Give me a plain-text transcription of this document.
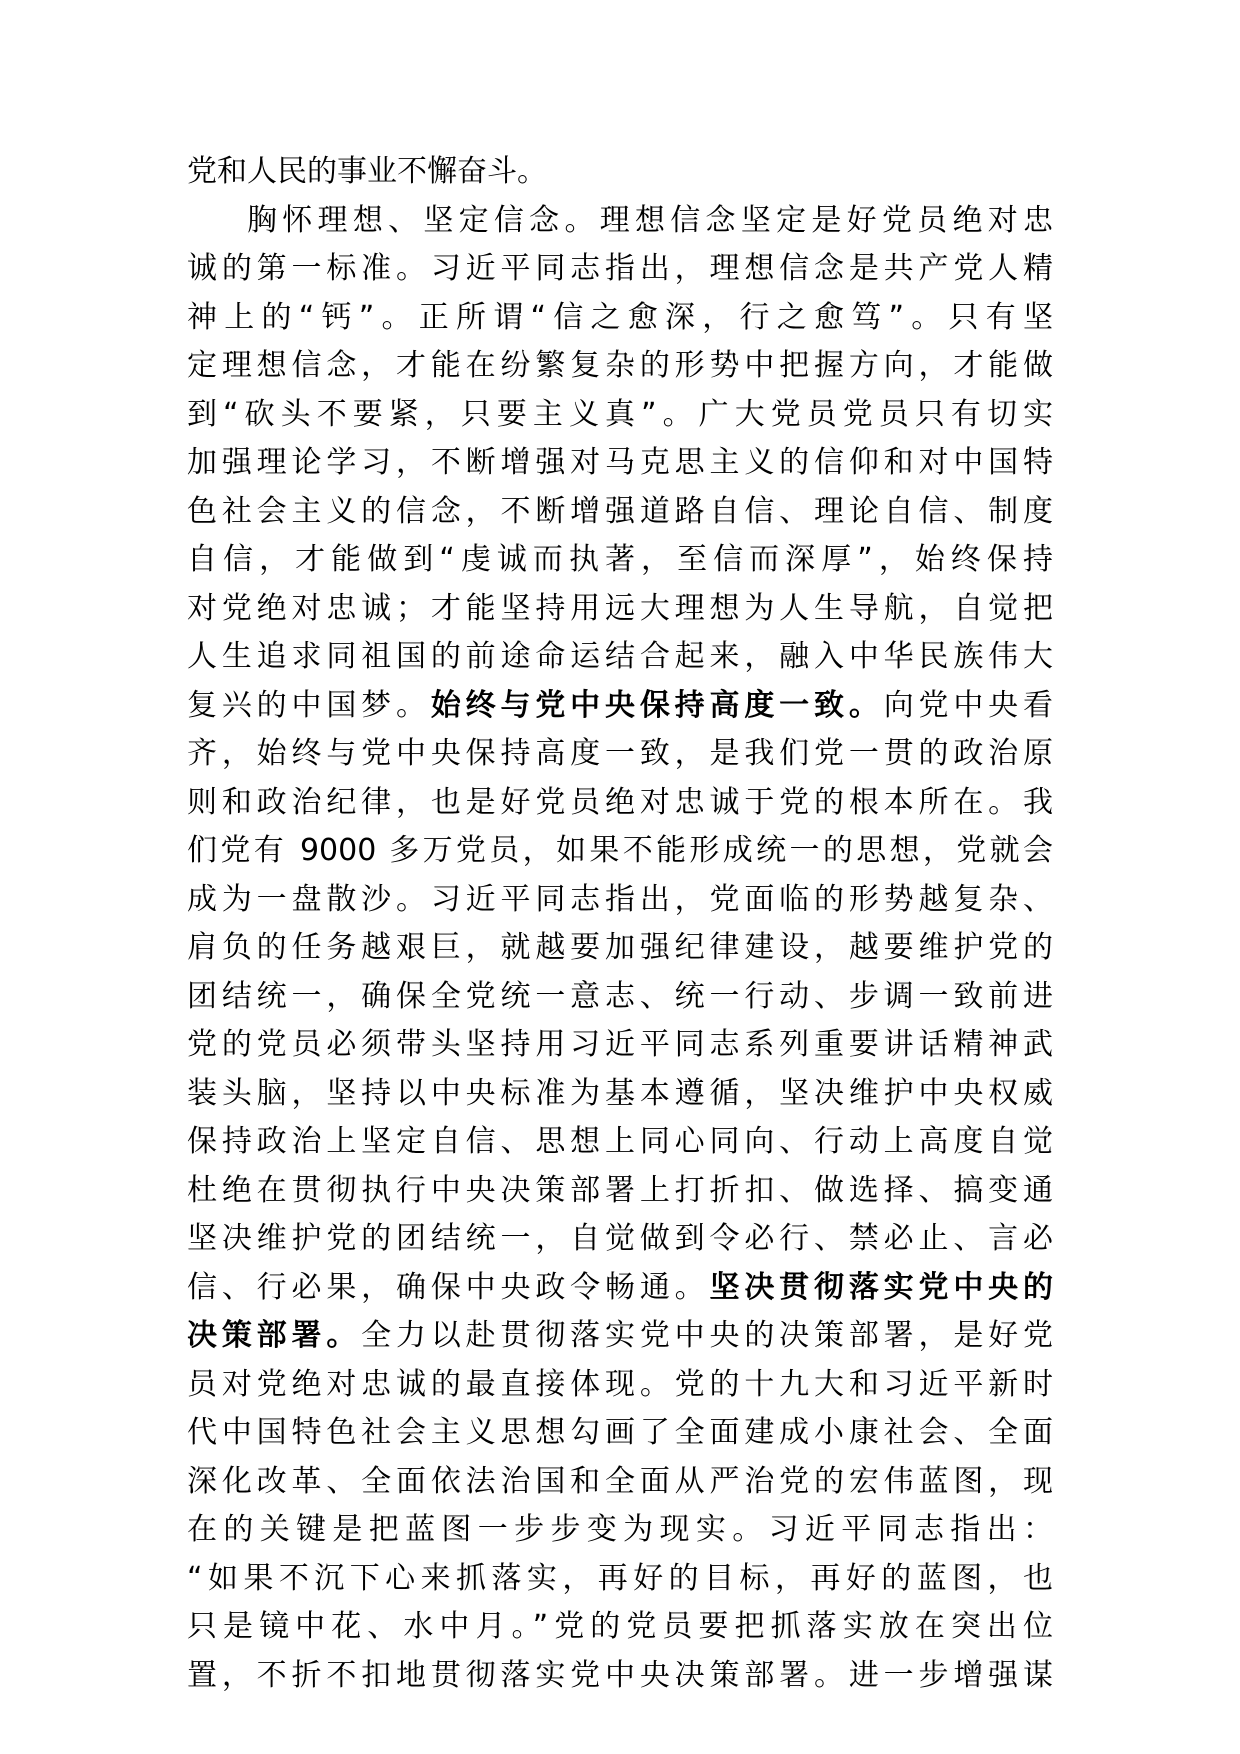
党和人民的事业不懈奋斗。
胸怀理想、坚定信念。理想信念坚定是好党员绝对忠
诚的第一标准。习近平同志指出，理想信念是共产党人精
神上的“钙”。正所谓“信之愈深，行之愈笃”。只有坚
定理想信念，才能在纷繁复杂的形势中把握方向，才能做
到“砍头不要紧，只要主义真”。广大党员党员只有切实
加强理论学习，不断增强对马克思主义的信仰和对中国特
色社会主义的信念，不断增强道路自信、理论自信、制度
自信，才能做到“虔诚而执著，至信而深厚”，始终保持
对党绝对忠诚；才能坚持用远大理想为人生导航，自觉把
人生追求同祖国的前途命运结合起来，融入中华民族伟大
复兴的中国梦。始终与党中央保持高度一致。向党中央看
齐，始终与党中央保持高度一致，是我们党一贯的政治原
则和政治纪律，也是好党员绝对忠诚于党的根本所在。我
们党有 9000 多万党员，如果不能形成统一的思想，党就会
成为一盘散沙。习近平同志指出，党面临的形势越复杂、
肩负的任务越艰巨，就越要加强纪律建设，越要维护党的
团结统一，确保全党统一意志、统一行动、步调一致前进
党的党员必须带头坚持用习近平同志系列重要讲话精神武
装头脑，坚持以中央标准为基本遵循，坚决维护中央权威
保持政治上坚定自信、思想上同心同向、行动上高度自觉
杜绝在贯彻执行中央决策部署上打折扣、做选择、搞变通
坚决维护党的团结统一，自觉做到令必行、禁必止、言必
信、行必果，确保中央政令畅通。坚决贯彻落实党中央的
决策部署。全力以赴贯彻落实党中央的决策部署，是好党
员对党绝对忠诚的最直接体现。党的十九大和习近平新时
代中国特色社会主义思想勾画了全面建成小康社会、全面
深化改革、全面依法治国和全面从严治党的宏伟蓝图，现
在的关键是把蓝图一步步变为现实。习近平同志指出：
“如果不沉下心来抓落实，再好的目标，再好的蓝图，也
只是镜中花、水中月。”党的党员要把抓落实放在突出位
置，不折不扣地贯彻落实党中央决策部署。进一步增强谋
